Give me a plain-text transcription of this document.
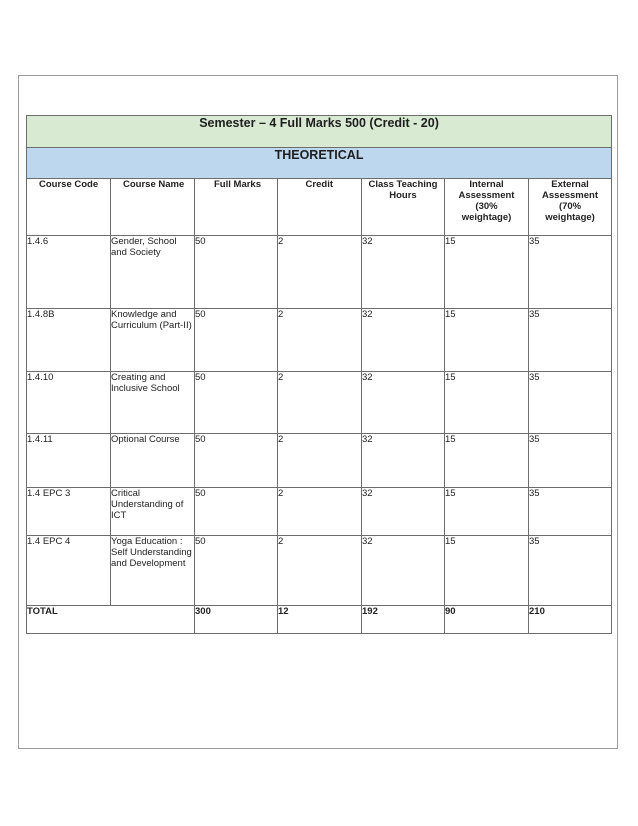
Semester – 4 Full Marks 500 (Credit - 20)						
THEORETICAL						
Course Code	Course Name	Full Marks	Credit	Class Teaching Hours	Internal Assessment (30% weightage)	External Assessment (70% weightage)
1.4.6	Gender, School and Society	50	2	32	15	35
1.4.8B	Knowledge and Curriculum (Part-II)	50	2	32	15	35
1.4.10	Creating and Inclusive School	50	2	32	15	35
1.4.11	Optional Course	50	2	32	15	35
1.4 EPC 3	Critical Understanding of ICT	50	2	32	15	35
1.4 EPC 4	Yoga Education : Self Understanding and Development	50	2	32	15	35
TOTAL		300	12	192	90	210
